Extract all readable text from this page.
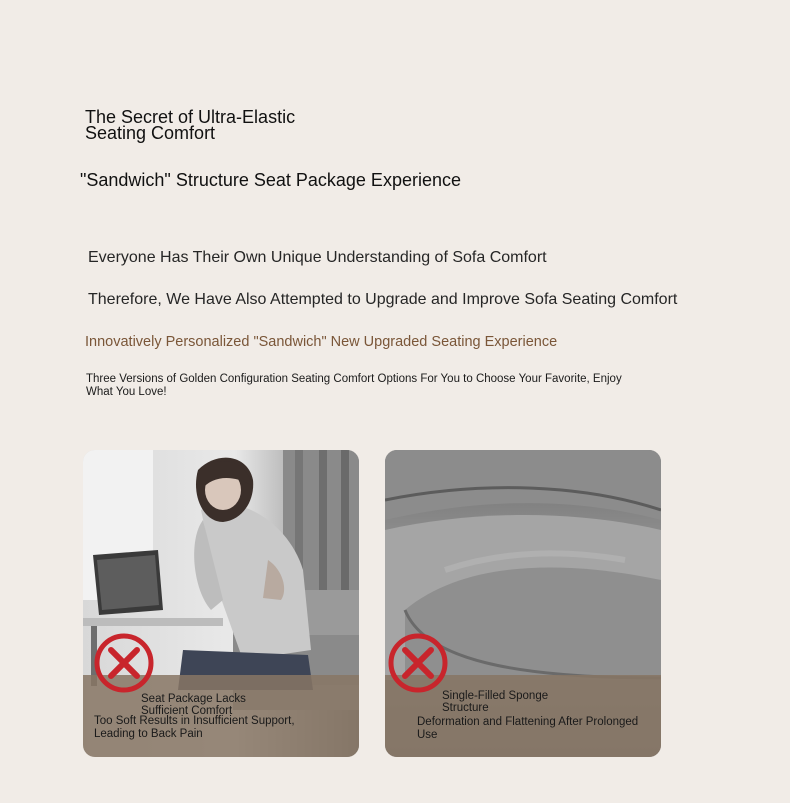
The Secret of Ultra-Elastic Seating Comfort
"Sandwich" Structure Seat Package Experience
Everyone Has Their Own Unique Understanding of Sofa Comfort
Therefore, We Have Also Attempted to Upgrade and Improve Sofa Seating Comfort
Innovatively Personalized "Sandwich" New Upgraded Seating Experience
Three Versions of Golden Configuration Seating Comfort Options For You to Choose Your Favorite, Enjoy What You Love!
Seat Package Lacks Sufficient Comfort
Too Soft Results in Insufficient Support, Leading to Back Pain
Single-Filled Sponge Structure
Deformation and Flattening After Prolonged Use
